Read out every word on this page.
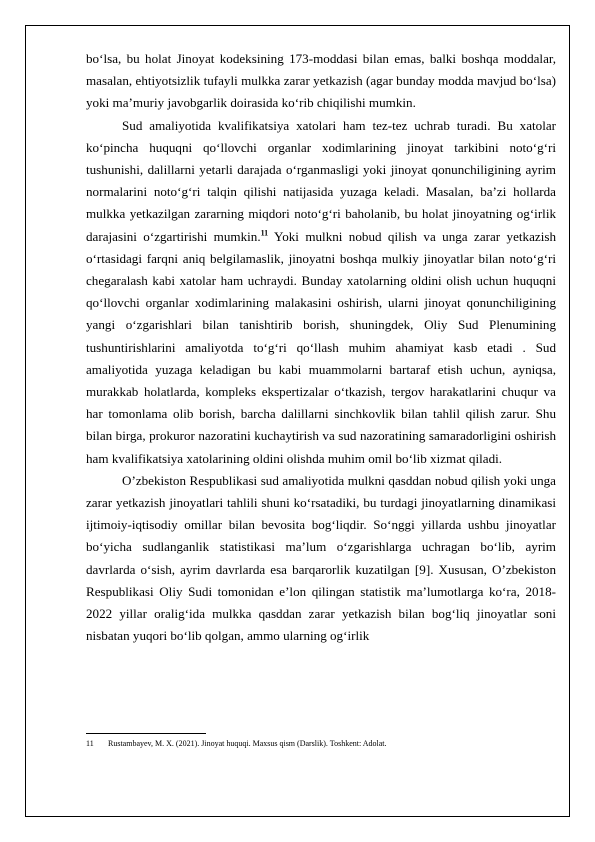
boʻlsa, bu holat Jinoyat kodeksining 173-moddasi bilan emas, balki boshqa moddalar, masalan, ehtiyotsizlik tufayli mulkka zarar yetkazish (agar bunday modda mavjud boʻlsa) yoki maʼmuriy javobgarlik doirasida koʻrib chiqilishi mumkin.

Sud amaliyotida kvalifikatsiya xatolari ham tez-tez uchrab turadi. Bu xatolar koʻpincha huquqni qoʻllovchi organlar xodimlarining jinoyat tarkibini notoʻgʻri tushunishi, dalillarni yetarli darajada oʻrganmasligi yoki jinoyat qonunchiligining ayrim normalarini notoʻgʻri talqin qilishi natijasida yuzaga keladi. Masalan, baʼzi hollarda mulkka yetkazilgan zararning miqdori notoʻgʻri baholanib, bu holat jinoyatning ogʻirlik darajasini oʻzgartirishi mumkin.$^{11}$ Yoki mulkni nobud qilish va unga zarar yetkazish oʻrtasidagi farqni aniq belgilamaslik, jinoyatni boshqa mulkiy jinoyatlar bilan notoʻgʻri chegaralash kabi xatolar ham uchraydi. Bunday xatolarning oldini olish uchun huquqni qoʻllovchi organlar xodimlarining malakasini oshirish, ularni jinoyat qonunchiligining yangi oʻzgarishlari bilan tanishtirib borish, shuningdek, Oliy Sud Plenumining tushuntirishlarini amaliyotda toʻgʻri qoʻllash muhim ahamiyat kasb etadi . Sud amaliyotida yuzaga keladigan bu kabi muammolarni bartaraf etish uchun, ayniqsa, murakkab holatlarda, kompleks ekspertizalar oʻtkazish, tergov harakatlarini chuqur va har tomonlama olib borish, barcha dalillarni sinchkovlik bilan tahlil qilish zarur. Shu bilan birga, prokuror nazoratini kuchaytirish va sud nazoratining samaradorligini oshirish ham kvalifikatsiya xatolarining oldini olishda muhim omil boʻlib xizmat qiladi.

O’zbekiston Respublikasi sud amaliyotida mulkni qasddan nobud qilish yoki unga zarar yetkazish jinoyatlari tahlili shuni ko‘rsatadiki, bu turdagi jinoyatlarning dinamikasi ijtimoiy-iqtisodiy omillar bilan bevosita bog‘liqdir. So‘nggi yillarda ushbu jinoyatlar bo‘yicha sudlanganlik statistikasi ma’lum o‘zgarishlarga uchragan bo‘lib, ayrim davrlarda o‘sish, ayrim davrlarda esa barqarorlik kuzatilgan [9]. Xususan, O’zbekiston Respublikasi Oliy Sudi tomonidan e’lon qilingan statistik ma’lumotlarga ko‘ra, 2018-2022 yillar oralig‘ida mulkka qasddan zarar yetkazish bilan bog‘liq jinoyatlar soni nisbatan yuqori bo‘lib qolgan, ammo ularning og‘irlik

11 Rustambayev, M. X. (2021). Jinoyat huquqi. Maxsus qism (Darslik). Toshkent: Adolat.
